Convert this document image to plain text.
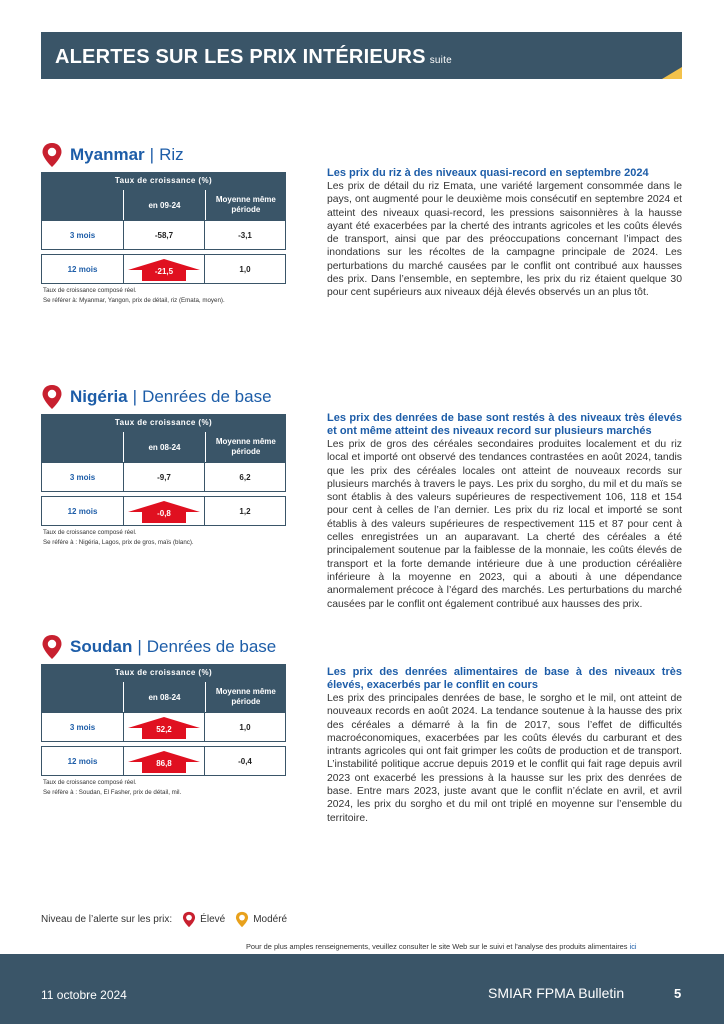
ALERTES SUR LES PRIX INTÉRIEURS suite
Myanmar | Riz
Taux de croissance (%)
en 09-24
Moyenne même période
3 mois	-58,7	-3,1
12 mois	-21,5	1,0
Taux de croissance composé réel.
Se référer à: Myanmar, Yangon, prix de détail, riz (Emata, moyen).
Les prix du riz à des niveaux quasi-record en septembre 2024
Les prix de détail du riz Emata, une variété largement consommée dans le pays, ont augmenté pour le deuxième mois consécutif en septembre 2024 et atteint des niveaux quasi-record, les pressions saisonnières à la hausse ayant été exacerbées par la cherté des intrants agricoles et les coûts élevés de transport, ainsi que par des préoccupations concernant l’impact des inondations sur les récoltes de la campagne principale de 2024. Les perturbations du marché causées par le conflit ont contribué aux hausses des prix. Dans l’ensemble, en septembre, les prix du riz étaient quelque 30 pour cent supérieurs aux niveaux déjà élevés observés un an plus tôt.
Nigéria | Denrées de base
Taux de croissance (%)
en 08-24
Moyenne même période
3 mois	-9,7	6,2
12 mois	-0,8	1,2
Taux de croissance composé réel.
Se référe à : Nigéria, Lagos, prix de gros, maïs (blanc).
Les prix des denrées de base sont restés à des niveaux très élevés et ont même atteint des niveaux record sur plusieurs marchés
Les prix de gros des céréales secondaires produites localement et du riz local et importé ont observé des tendances contrastées en août 2024, tandis que les prix des céréales locales ont atteint de nouveaux records sur plusieurs marchés à travers le pays. Les prix du sorgho, du mil et du maïs se sont établis à des valeurs supérieures de respectivement 106, 118 et 154 pour cent à celles de l’an dernier. Les prix du riz local et importé se sont établis à des valeurs supérieures de respectivement 115 et 87 pour cent à celles enregistrées un an auparavant. La cherté des céréales a été principalement soutenue par la faiblesse de la monnaie, les coûts élevés de transport et la forte demande intérieure due à une production céréalière inférieure à la moyenne en 2023, qui a abouti à une dépendance anormalement précoce à l’égard des marchés. Les perturbations du marché causées par le conflit ont également contribué aux hausses des prix.
Soudan | Denrées de base
Taux de croissance (%)
en 08-24
Moyenne même période
3 mois	52,2	1,0
12 mois	86,8	-0,4
Taux de croissance composé réel.
Se réfère à : Soudan, El Fasher, prix de détail, mil.
Les prix des denrées alimentaires de base à des niveaux très élevés, exacerbés par le conflit en cours
Les prix des principales denrées de base, le sorgho et le mil, ont atteint de nouveaux records en août 2024. La tendance soutenue à la hausse des prix des céréales a démarré à la fin de 2017, sous l’effet de difficultés macroéconomiques, exacerbées par les coûts élevés du carburant et des intrants agricoles qui ont fait grimper les coûts de production et de transport. L’instabilité politique accrue depuis 2019 et le conflit qui fait rage depuis avril 2023 ont exacerbé les pressions à la hausse sur les prix des denrées de base. Entre mars 2023, juste avant que le conflit n’éclate en avril, et avril 2024, les prix du sorgho et du mil ont triplé en moyenne sur l’ensemble du territoire.
Niveau de l’alerte sur les prix:	Élevé	Modéré
Pour de plus amples renseignements, veuillez consulter le site Web sur le suivi et l’analyse des produits alimentaires ici
11 octobre 2024	SMIAR FPMA Bulletin	5
